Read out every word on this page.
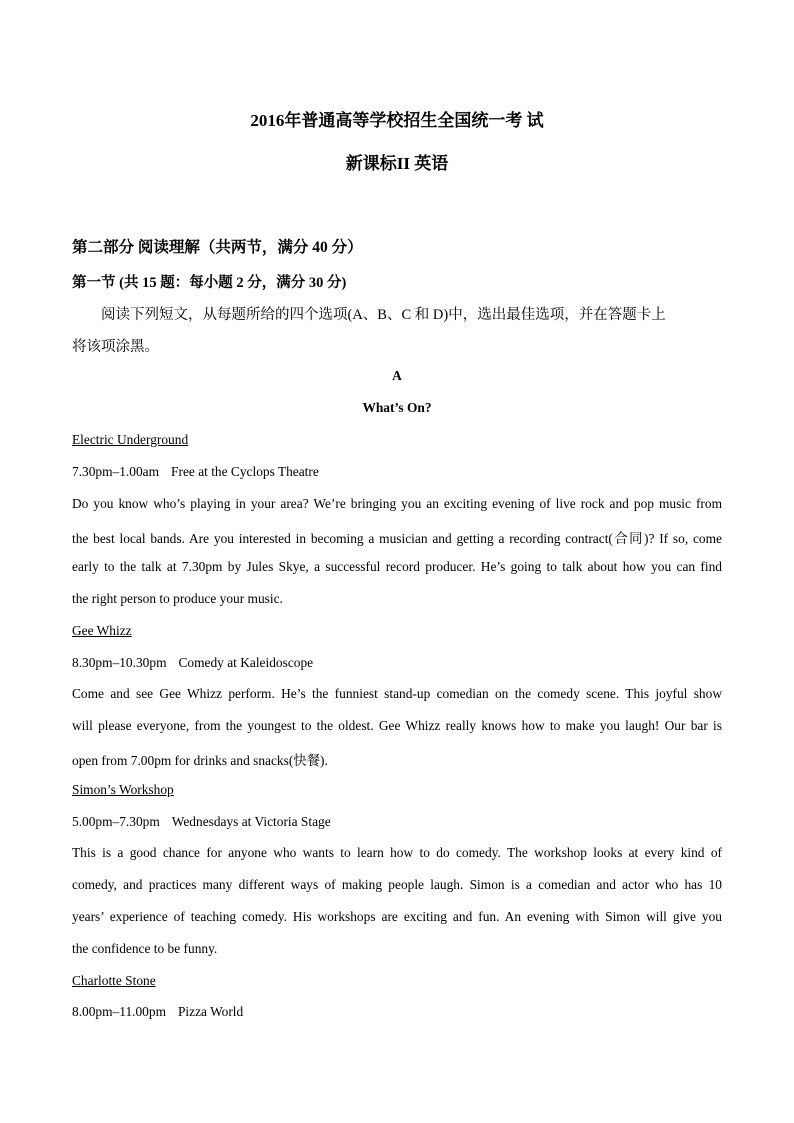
2016年普通高等学校招生全国统一考 试
新课标II 英语
第二部分 阅读理解（共两节，满分 40 分）
第一节 (共 15 题：每小题 2 分，满分 30 分)
阅读下列短文，从每题所给的四个选项(A、B、C 和 D)中，选出最佳选项，并在答题卡上
将该项涂黑。
A
What’s On?
Electric Underground
7.30pm–1.00am Free at the Cyclops Theatre
Do you know who’s playing in your area? We’re bringing you an exciting evening of live rock and pop music from
the best local bands. Are you interested in becoming a musician and getting a recording contract(合同)? If so, come
early to the talk at 7.30pm by Jules Skye, a successful record producer. He’s going to talk about how you can find
the right person to produce your music.
Gee Whizz
8.30pm–10.30pm Comedy at Kaleidoscope
Come and see Gee Whizz perform. He’s the funniest stand-up comedian on the comedy scene. This joyful show
will please everyone, from the youngest to the oldest. Gee Whizz really knows how to make you laugh! Our bar is
open from 7.00pm for drinks and snacks(快餐).
Simon’s Workshop
5.00pm–7.30pm Wednesdays at Victoria Stage
This is a good chance for anyone who wants to learn how to do comedy. The workshop looks at every kind of
comedy, and practices many different ways of making people laugh. Simon is a comedian and actor who has 10
years’ experience of teaching comedy. His workshops are exciting and fun. An evening with Simon will give you
the confidence to be funny.
Charlotte Stone
8.00pm–11.00pm Pizza World
